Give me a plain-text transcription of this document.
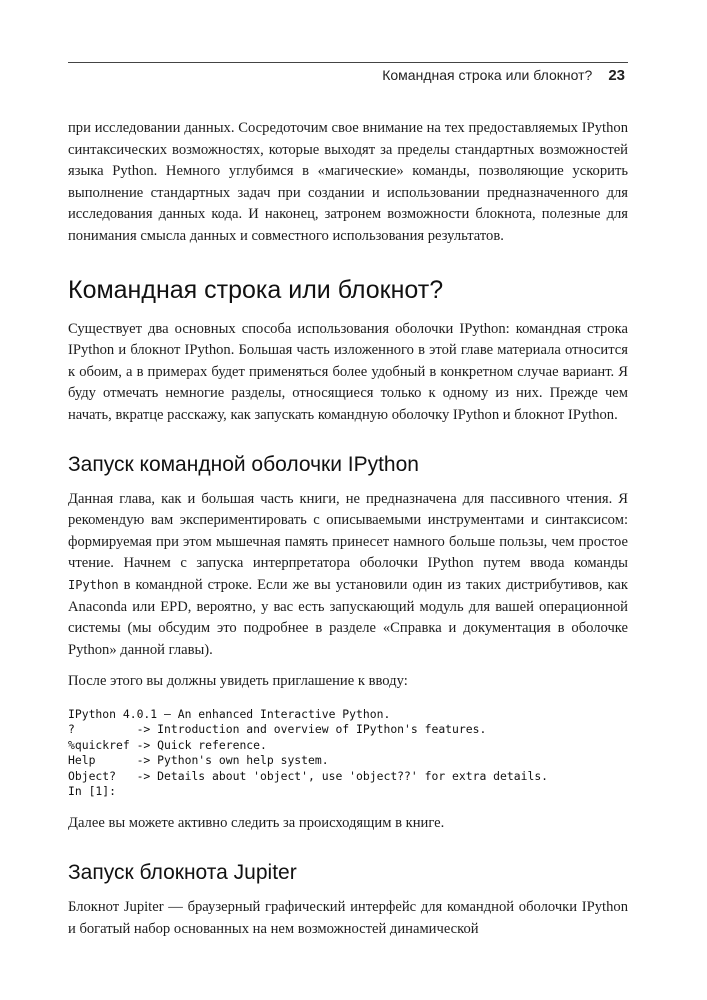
Командная строка или блокнот? 23

при исследовании данных. Сосредоточим свое внимание на тех предоставляемых IPython синтаксических возможностях, которые выходят за пределы стандартных возможностей языка Python. Немного углубимся в «магические» команды, позволяющие ускорить выполнение стандартных задач при создании и использовании предназначенного для исследования данных кода. И наконец, затронем возможности блокнота, полезные для понимания смысла данных и совместного использования результатов.

Командная строка или блокнот?

Существует два основных способа использования оболочки IPython: командная строка IPython и блокнот IPython. Большая часть изложенного в этой главе материала относится к обоим, а в примерах будет применяться более удобный в конкретном случае вариант. Я буду отмечать немногие разделы, относящиеся только к одному из них. Прежде чем начать, вкратце расскажу, как запускать командную оболочку IPython и блокнот IPython.

Запуск командной оболочки IPython

Данная глава, как и большая часть книги, не предназначена для пассивного чтения. Я рекомендую вам экспериментировать с описываемыми инструментами и синтаксисом: формируемая при этом мышечная память принесет намного больше пользы, чем простое чтение. Начнем с запуска интерпретатора оболочки IPython путем ввода команды IPython в командной строке. Если же вы установили один из таких дистрибутивов, как Anaconda или EPD, вероятно, у вас есть запускающий модуль для вашей операционной системы (мы обсудим это подробнее в разделе «Справка и документация в оболочке Python» данной главы).

После этого вы должны увидеть приглашение к вводу:

IPython 4.0.1 – An enhanced Interactive Python.
?         -> Introduction and overview of IPython's features.
%quickref -> Quick reference.
Help      -> Python's own help system.
Object?   -> Details about 'object', use 'object??' for extra details.
In [1]:

Далее вы можете активно следить за происходящим в книге.

Запуск блокнота Jupiter

Блокнот Jupiter — браузерный графический интерфейс для командной оболочки IPython и богатый набор основанных на нем возможностей динамической
